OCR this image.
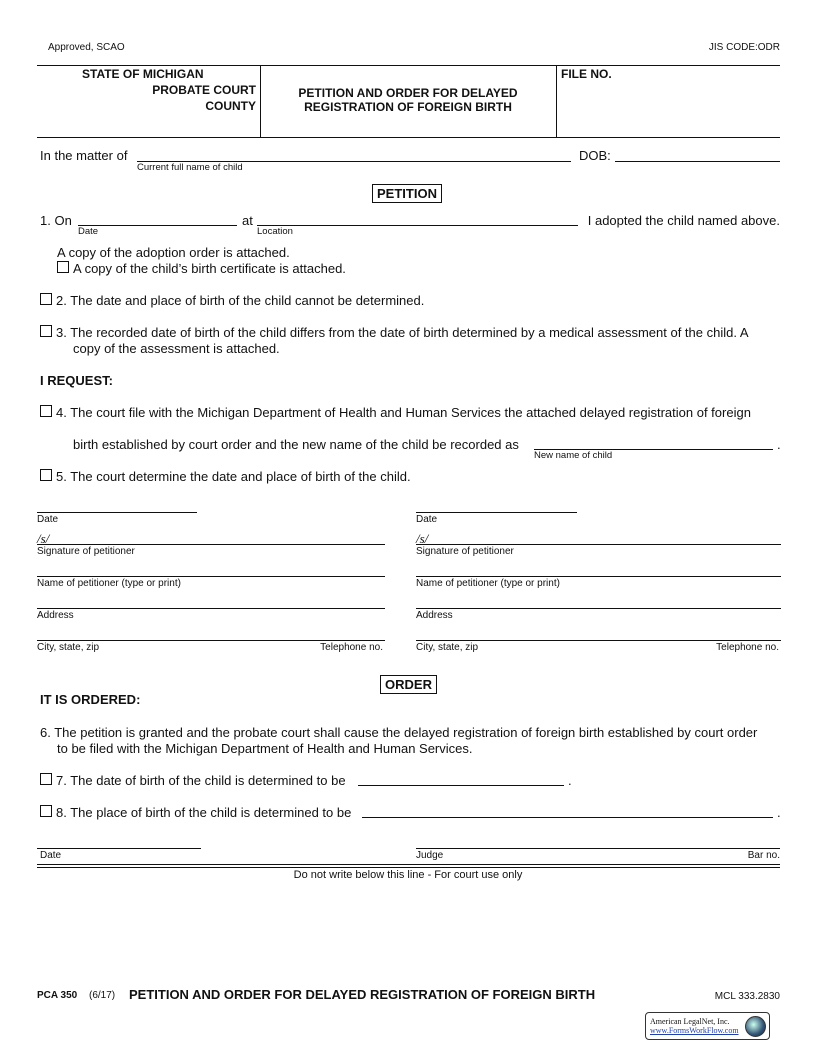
Approved, SCAO	JIS CODE:ODR
STATE OF MICHIGAN
PROBATE COURT
COUNTY
PETITION AND ORDER FOR DELAYED
REGISTRATION OF FOREIGN BIRTH
FILE NO.
In the matter of
Current full name of child
DOB:
PETITION
1. On
Date
at
Location
I adopted the child named above.
A copy of the adoption order is attached.
A copy of the child’s birth certificate is attached.
2. The date and place of birth of the child cannot be determined.
3. The recorded date of birth of the child differs from the date of birth determined by a medical assessment of the child. A
copy of the assessment is attached.
I REQUEST:
4. The court file with the Michigan Department of Health and Human Services the attached delayed registration of foreign
birth established by court order and the new name of the child be recorded as	.
New name of child
5. The court determine the date and place of birth of the child.
Date
/s/
Signature of petitioner
Name of petitioner (type or print)
Address
City, state, zip	Telephone no.
Date
/s/
Signature of petitioner
Name of petitioner (type or print)
Address
City, state, zip	Telephone no.
ORDER
IT IS ORDERED:
6. The petition is granted and the probate court shall cause the delayed registration of foreign birth established by court order
to be filed with the Michigan Department of Health and Human Services.
7. The date of birth of the child is determined to be	.
8. The place of birth of the child is determined to be	.
Date	Judge	Bar no.
Do not write below this line - For court use only
PCA 350 (6/17) PETITION AND ORDER FOR DELAYED REGISTRATION OF FOREIGN BIRTH	MCL 333.2830
American LegalNet, Inc.
www.FormsWorkFlow.com
